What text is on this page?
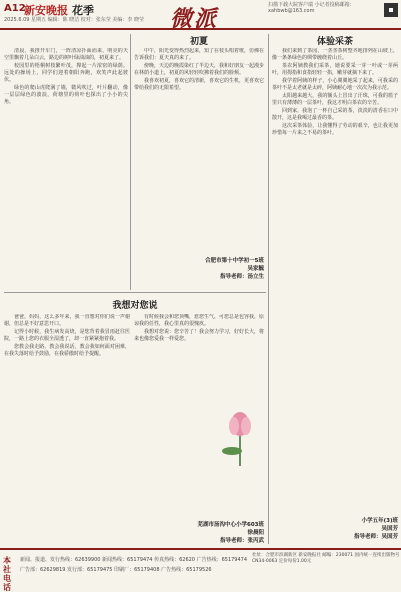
A12
新安晚报 花季
2025.6.09 星期五 编辑：陈 晓洁 校对：张东莹 美编：李 晓莹 微派
扫描下载大皖客户端 小记者投稿邮箱：xahbwb@163.com
初夏
清晨，我推开车门，一阵清凉扑面而来，明亮的天空里飘着几朵白云，路边的树叶绿油油的，初夏来了。
校园里的梧桐树枝繁叶茂，撑起一片浓密的绿荫。远处的操场上，同学们迎着朝阳奔跑，欢笑声此起彼伏。
绿色的爬山虎爬满了墙，微风吹过，叶片翻动，像一层层绿色的波浪，荷塘里的荷叶也探出了小小的尖角。
中午，阳光变得热烈起来，知了在枝头唱着歌，仿佛在告诉我们：夏天真的来了。
傍晚，天边的晚霞染红了半边天，我和好朋友一起漫步在林荫小道上，初夏的风轻轻吹拂着我们的脸颊。
我喜欢初夏，喜欢它的清新，喜欢它的生机，更喜欢它带给我们的无限希望。
合肥市第十中学初一5班
吴家毓
指导老师：汤立生
我想对您说
爸爸，妈妈，这么多年来，我一直想对你们说一声谢谢，但总是不好意思开口。
记得小时候，我生病发高烧，是您背着我冒雨赶往医院，一路上您的衣服全湿透了，却一直紧紧抱着我。
您教会我走路，教会我说话，教会我如何面对困难，在我失落时给予鼓励，在我骄傲时给予提醒。
有时候我会和您顶嘴，惹您生气，可您总是包容我，原谅我的任性，我心里真的很愧疚。
我想对您说：您辛苦了！我会努力学习，好好长大，将来也像您爱我一样爱您。
芜湖市汤沟中心小学603班
徐晨阳
指导老师：张丙武
体验采茶
我们来到了茶园，一垄垄茶树整齐地排列在山坡上，像一条条绿色的绸带缠绕着山丘。
茶农阿姨教我们采茶，她说要采一芽一叶或一芽两叶，用拇指和食指轻轻一掐，嫩芽就摘下来了。
我学着阿姨的样子，小心翼翼地采了起来，可我采的茶叶不是太老就是太碎，阿姨耐心地一次次为我示范。
太阳越来越大，我的额头上冒出了汗珠，可我的篮子里只有薄薄的一层茶叶，我这才明白茶农的辛苦。
回到家，我泡了一杯自己采的茶，淡淡的清香在口中散开，这是我喝过最香的茶。
这次采茶体验，让我懂得了劳动的艰辛，也让我更加珍惜每一片来之不易的茶叶。
小学五年(3)班
吴国芳
指导老师：吴国芳
本社电话
新闻、报道、发行热线：62639900 新闻热线：65179474 传真热线：62620 广告热线：65179474
广告部：62629819 发行部：65179475 印刷厂：65179408 广告热线：65179526
社址：合肥市滨湖新区 新安晚报社 邮编：230071 国内统一连续出版物号 CN34-0063 定价每份1.00元
